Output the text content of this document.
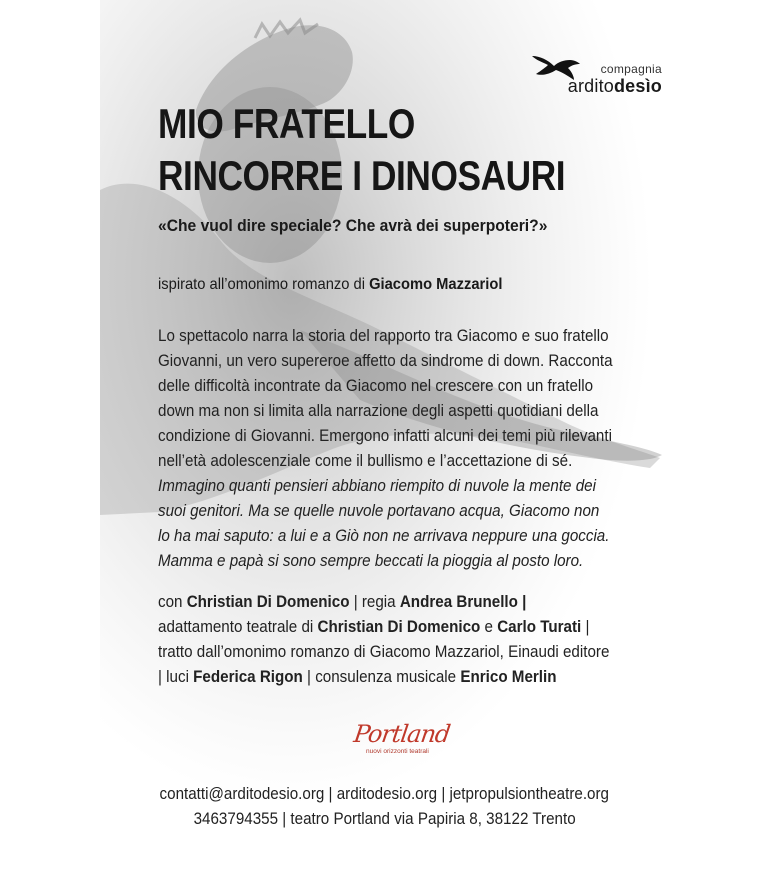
compagnia
arditodesìo
MIO FRATELLO
RINCORRE I DINOSAURI

«Che vuol dire speciale? Che avrà dei superpoteri?»

ispirato all’omonimo romanzo di Giacomo Mazzariol

Lo spettacolo narra la storia del rapporto tra Giacomo e suo fratello
Giovanni, un vero supereroe affetto da sindrome di down. Racconta
delle difficoltà incontrate da Giacomo nel crescere con un fratello
down ma non si limita alla narrazione degli aspetti quotidiani della
condizione di Giovanni. Emergono infatti alcuni dei temi più rilevanti
nell’età adolescenziale come il bullismo e l’accettazione di sé.
Immagino quanti pensieri abbiano riempito di nuvole la mente dei
suoi genitori. Ma se quelle nuvole portavano acqua, Giacomo non
lo ha mai saputo: a lui e a Giò non ne arrivava neppure una goccia.
Mamma e papà si sono sempre beccati la pioggia al posto loro.

con Christian Di Domenico | regia Andrea Brunello |
adattamento teatrale di Christian Di Domenico e Carlo Turati |
tratto dall’omonimo romanzo di Giacomo Mazzariol, Einaudi editore
| luci Federica Rigon | consulenza musicale Enrico Merlin

Portland
nuovi orizzonti teatrali
contatti@arditodesio.org | arditodesio.org | jetpropulsiontheatre.org
3463794355 | teatro Portland via Papiria 8, 38122 Trento
